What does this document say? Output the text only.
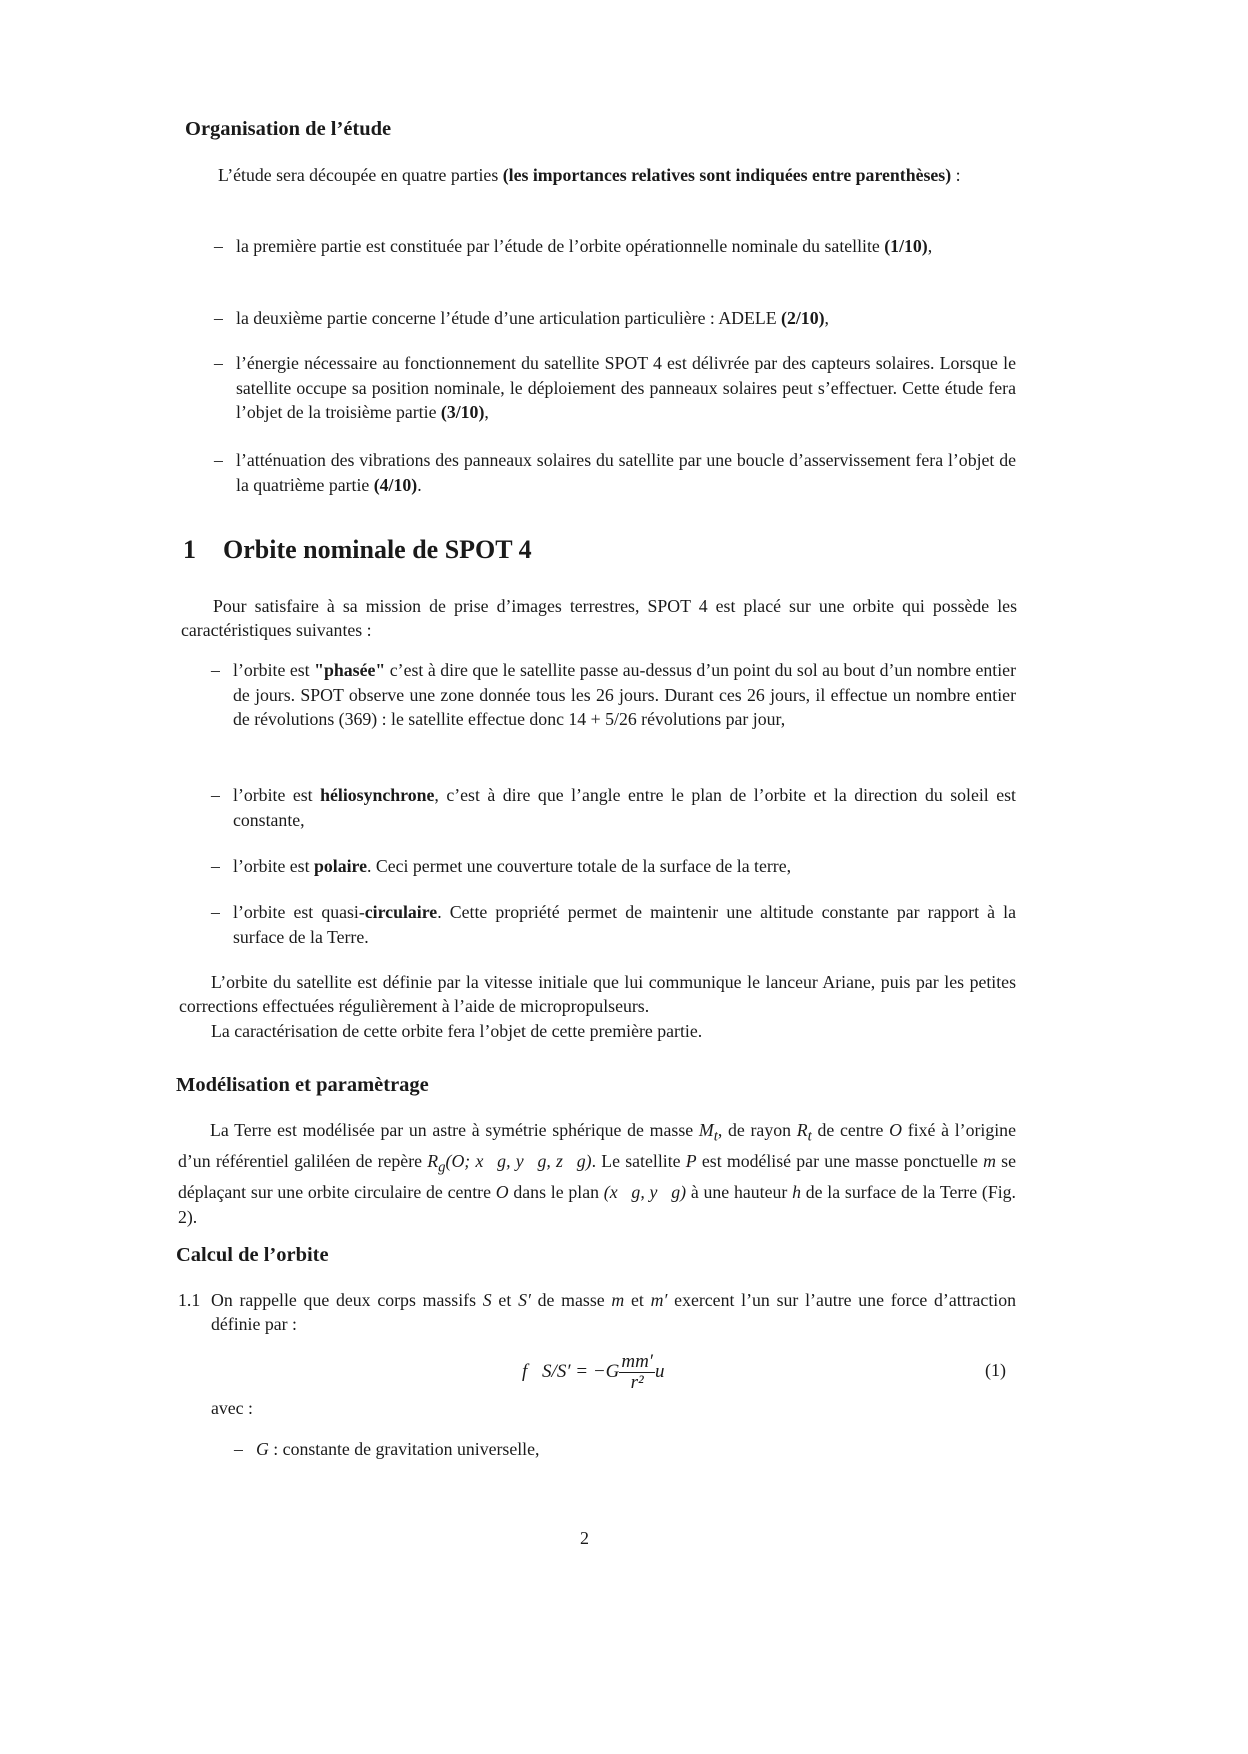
Organisation de l’étude

L’étude sera découpée en quatre parties (les importances relatives sont indiquées entre parenthèses) :

– la première partie est constituée par l’étude de l’orbite opérationnelle nominale du satellite (1/10),
– la deuxième partie concerne l’étude d’une articulation particulière : ADELE (2/10),
– l’énergie nécessaire au fonctionnement du satellite SPOT 4 est délivrée par des capteurs solaires. Lorsque le satellite occupe sa position nominale, le déploiement des panneaux solaires peut s’effectuer. Cette étude fera l’objet de la troisième partie (3/10),
– l’atténuation des vibrations des panneaux solaires du satellite par une boucle d’asservissement fera l’objet de la quatrième partie (4/10).
1 Orbite nominale de SPOT 4

Pour satisfaire à sa mission de prise d’images terrestres, SPOT 4 est placé sur une orbite qui possède les caractéristiques suivantes :

– l’orbite est "phasée" c’est à dire que le satellite passe au-dessus d’un point du sol au bout d’un nombre entier de jours. SPOT observe une zone donnée tous les 26 jours. Durant ces 26 jours, il effectue un nombre entier de révolutions (369) : le satellite effectue donc 14 + 5/26 révolutions par jour,
– l’orbite est héliosynchrone, c’est à dire que l’angle entre le plan de l’orbite et la direction du soleil est constante,
– l’orbite est polaire. Ceci permet une couverture totale de la surface de la terre,
– l’orbite est quasi-circulaire. Cette propriété permet de maintenir une altitude constante par rapport à la surface de la Terre.

L’orbite du satellite est définie par la vitesse initiale que lui communique le lanceur Ariane, puis par les petites corrections effectuées régulièrement à l’aide de micropropulseurs.

La caractérisation de cette orbite fera l’objet de cette première partie.

Modélisation et paramètrage

La Terre est modélisée par un astre à symétrie sphérique de masse $M_t$, de rayon $R_t$ de centre O fixé à l’origine d’un référentiel galiléen de repère $R_g(O$; x⃗g, y⃗g, z⃗g). Le satellite P est modélisé par une masse ponctuelle m se déplaçant sur une orbite circulaire de centre O dans le plan (x⃗g, y⃗g) à une hauteur h de la surface de la Terre (Fig. 2).

Calcul de l’orbite
1.1 On rappelle que deux corps massifs S et S′ de masse m et m′ exercent l’un sur l’autre une force d’attraction définie par :
f⃗S/S′ = $-G \frac{mm'}{\text{r²}}$ u⃗	(1)

avec :

– G : constante de gravitation universelle,
2
